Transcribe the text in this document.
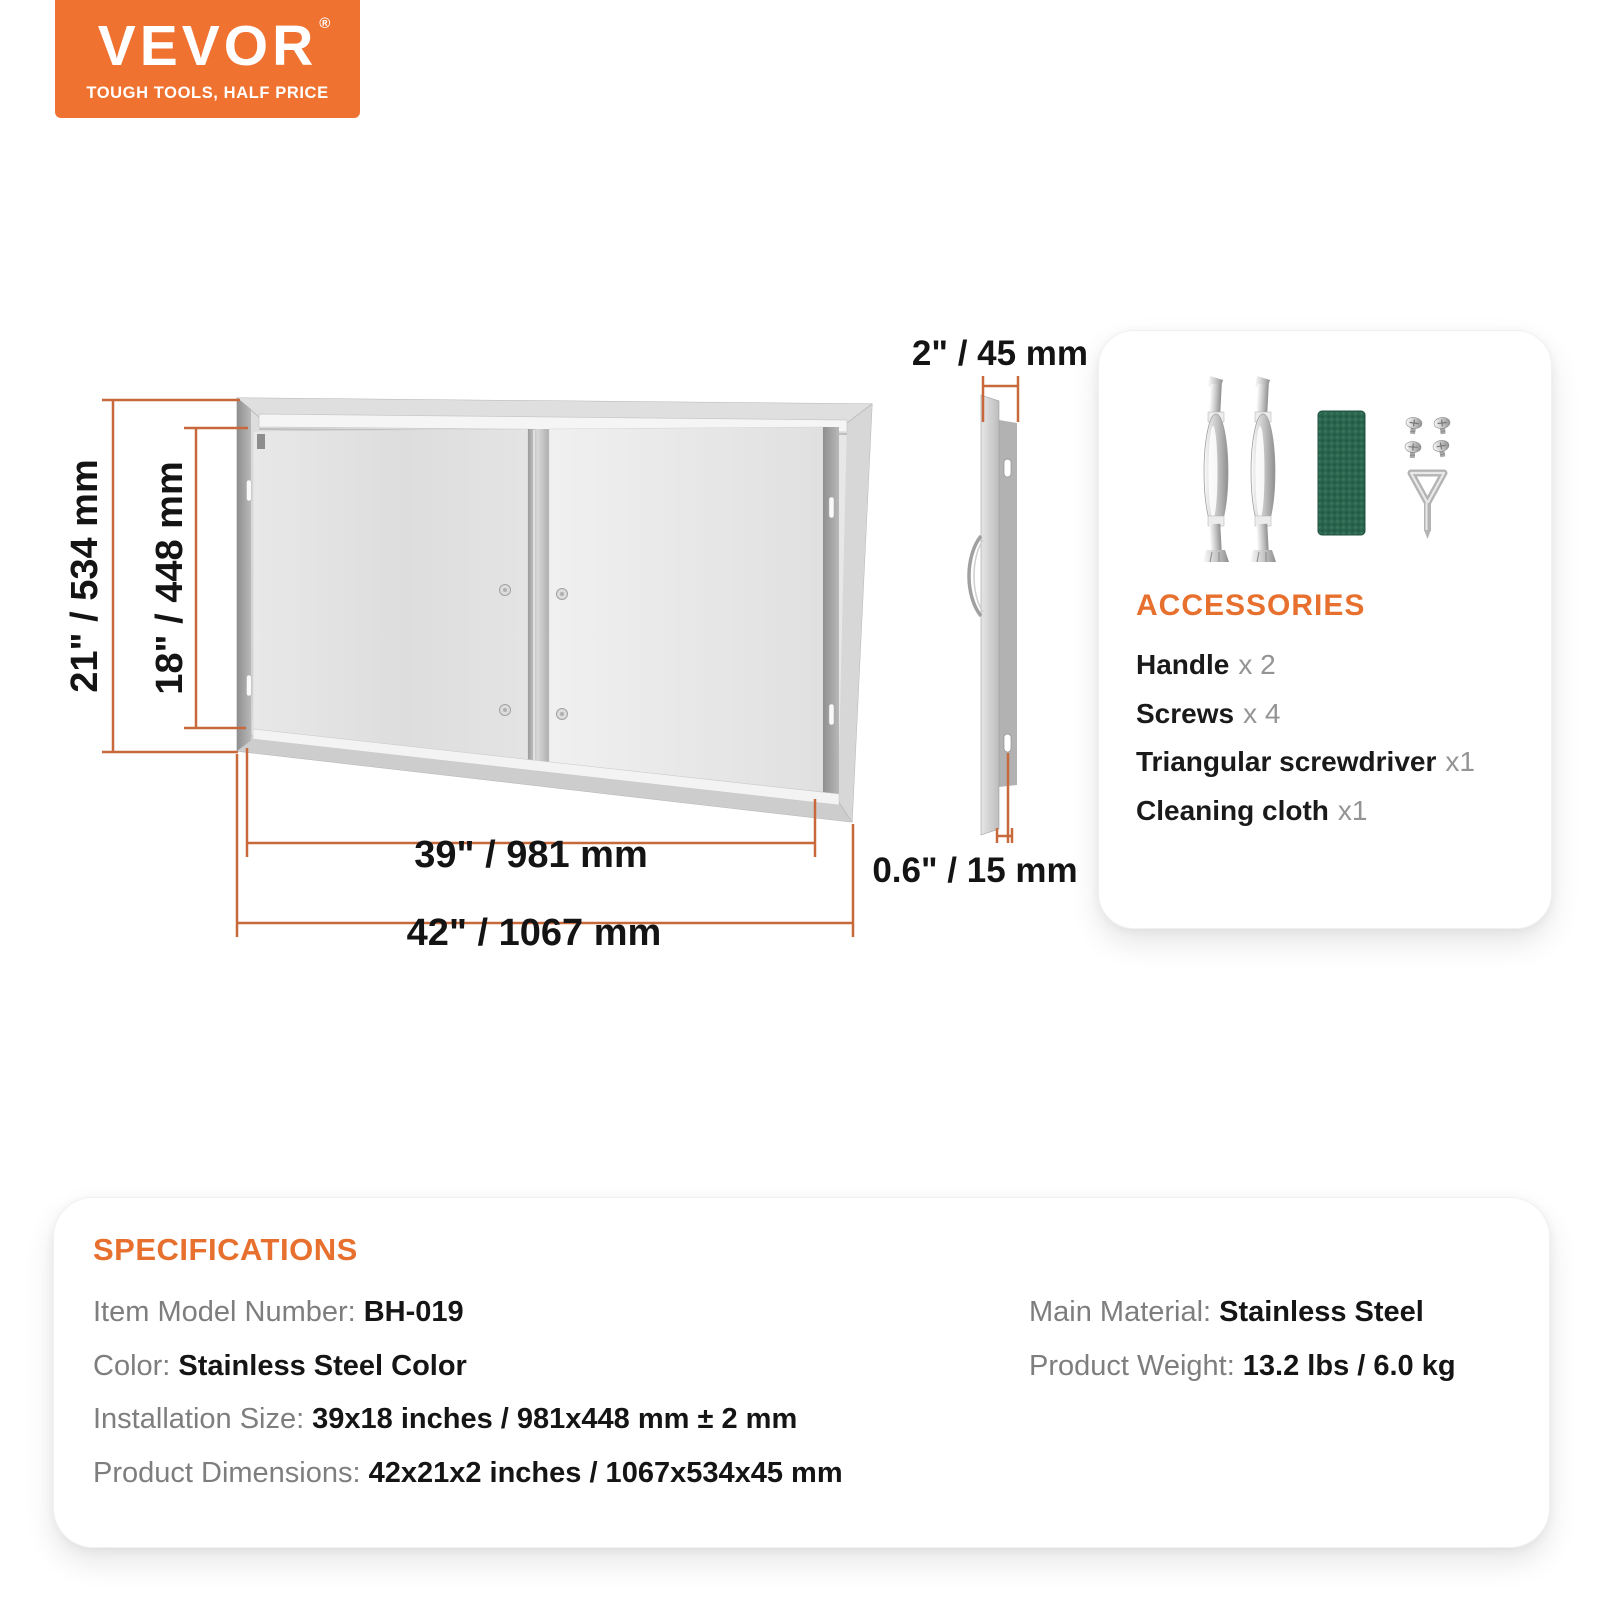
VEVOR ®
TOUGH TOOLS, HALF PRICE
21" / 534 mm 18" / 448 mm
39" / 981 mm
42" / 1067 mm
2" / 45 mm
0.6" / 15 mm
ACCESSORIES
Handle x 2
Screws x 4
Triangular screwdriver x1
Cleaning cloth x1
SPECIFICATIONS
Item Model Number: BH-019
Color: Stainless Steel Color
Installation Size: 39x18 inches / 981x448 mm ± 2 mm
Product Dimensions: 42x21x2 inches / 1067x534x45 mm
Main Material: Stainless Steel
Product Weight: 13.2 lbs / 6.0 kg
